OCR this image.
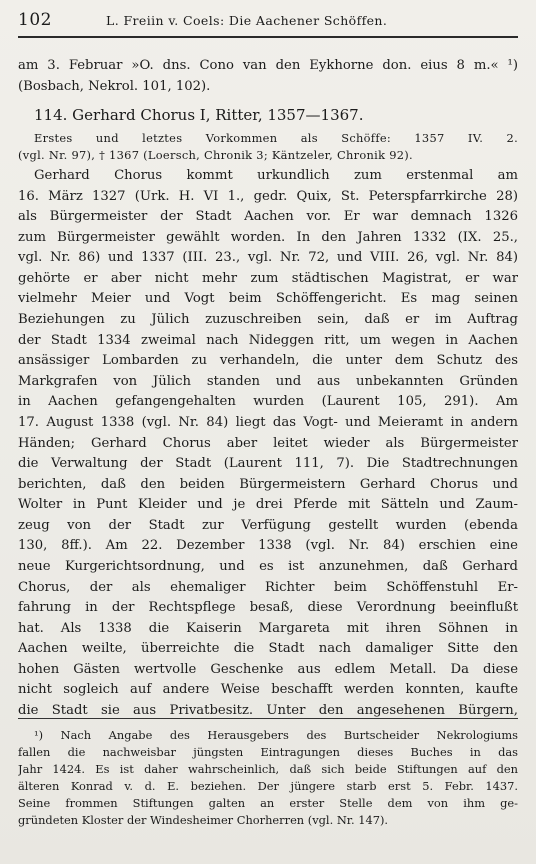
102	L. Freiin v. Coels: Die Aachener Schöffen.
am 3. Februar »O. dns. Cono van den Eykhorne don. eius 8 m.« ¹)
(Bosbach, Nekrol. 101, 102).
114. Gerhard Chorus I, Ritter, 1357—1367.
Erstes und letztes Vorkommen als Schöffe: 1357 IV. 2.
(vgl. Nr. 97), † 1367 (Loersch, Chronik 3; Käntzeler, Chronik 92).
Gerhard Chorus kommt urkundlich zum erstenmal am
16. März 1327 (Urk. H. VI 1., gedr. Quix, St. Peterspfarrkirche 28)
als Bürgermeister der Stadt Aachen vor. Er war demnach 1326
zum Bürgermeister gewählt worden. In den Jahren 1332 (IX. 25.,
vgl. Nr. 86) und 1337 (III. 23., vgl. Nr. 72, und VIII. 26, vgl. Nr. 84)
gehörte er aber nicht mehr zum städtischen Magistrat, er war
vielmehr Meier und Vogt beim Schöffengericht. Es mag seinen
Beziehungen zu Jülich zuzuschreiben sein, daß er im Auftrag
der Stadt 1334 zweimal nach Nideggen ritt, um wegen in Aachen
ansässiger Lombarden zu verhandeln, die unter dem Schutz des
Markgrafen von Jülich standen und aus unbekannten Gründen
in Aachen gefangengehalten wurden (Laurent 105, 291). Am
17. August 1338 (vgl. Nr. 84) liegt das Vogt- und Meieramt in andern
Händen; Gerhard Chorus aber leitet wieder als Bürgermeister
die Verwaltung der Stadt (Laurent 111, 7). Die Stadtrechnungen
berichten, daß den beiden Bürgermeistern Gerhard Chorus und
Wolter in Punt Kleider und je drei Pferde mit Sätteln und Zaum-
zeug von der Stadt zur Verfügung gestellt wurden (ebenda
130, 8ff.). Am 22. Dezember 1338 (vgl. Nr. 84) erschien eine
neue Kurgerichtsordnung, und es ist anzunehmen, daß Gerhard
Chorus, der als ehemaliger Richter beim Schöffenstuhl Er-
fahrung in der Rechtspflege besaß, diese Verordnung beeinflußt
hat. Als 1338 die Kaiserin Margareta mit ihren Söhnen in
Aachen weilte, überreichte die Stadt nach damaliger Sitte den
hohen Gästen wertvolle Geschenke aus edlem Metall. Da diese
nicht sogleich auf andere Weise beschafft werden konnten, kaufte
die Stadt sie aus Privatbesitz. Unter den angesehenen Bürgern,
¹) Nach Angabe des Herausgebers des Burtscheider Nekrologiums
fallen die nachweisbar jüngsten Eintragungen dieses Buches in das
Jahr 1424. Es ist daher wahrscheinlich, daß sich beide Stiftungen auf den
älteren Konrad v. d. E. beziehen. Der jüngere starb erst 5. Febr. 1437.
Seine frommen Stiftungen galten an erster Stelle dem von ihm ge-
gründeten Kloster der Windesheimer Chorherren (vgl. Nr. 147).
